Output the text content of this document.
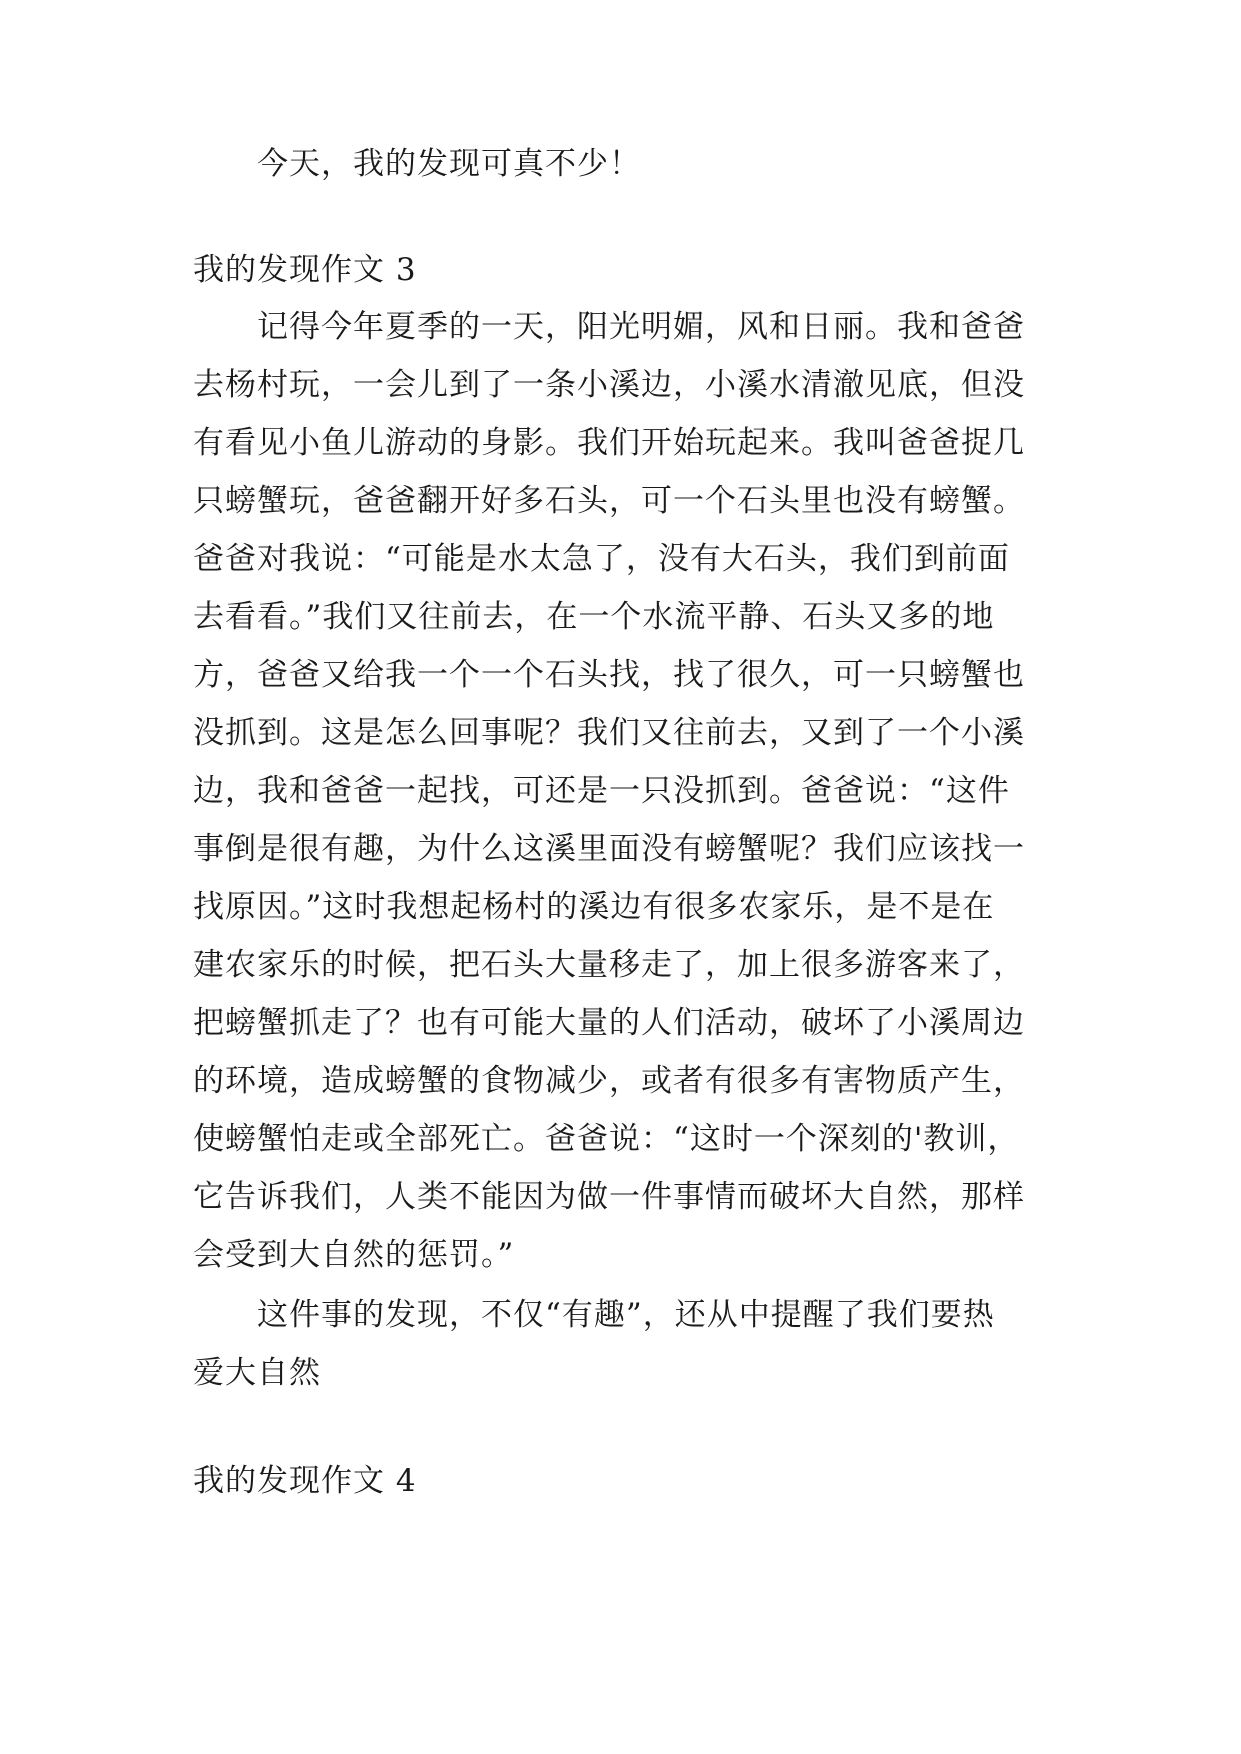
今天，我的发现可真不少！
我的发现作文 3
记得今年夏季的一天，阳光明媚，风和日丽。我和爸爸
去杨村玩，一会儿到了一条小溪边，小溪水清澈见底，但没
有看见小鱼儿游动的身影。我们开始玩起来。我叫爸爸捉几
只螃蟹玩，爸爸翻开好多石头，可一个石头里也没有螃蟹。
爸爸对我说：“可能是水太急了，没有大石头，我们到前面
去看看。”我们又往前去，在一个水流平静、石头又多的地
方，爸爸又给我一个一个石头找，找了很久，可一只螃蟹也
没抓到。这是怎么回事呢？我们又往前去，又到了一个小溪
边，我和爸爸一起找，可还是一只没抓到。爸爸说：“这件
事倒是很有趣，为什么这溪里面没有螃蟹呢？我们应该找一
找原因。”这时我想起杨村的溪边有很多农家乐，是不是在
建农家乐的时候，把石头大量移走了，加上很多游客来了，
把螃蟹抓走了？也有可能大量的人们活动，破坏了小溪周边
的环境，造成螃蟹的食物减少，或者有很多有害物质产生，
使螃蟹怕走或全部死亡。爸爸说：“这时一个深刻的'教训，
它告诉我们，人类不能因为做一件事情而破坏大自然，那样
会受到大自然的惩罚。”
这件事的发现，不仅“有趣”，还从中提醒了我们要热
爱大自然
我的发现作文 4
